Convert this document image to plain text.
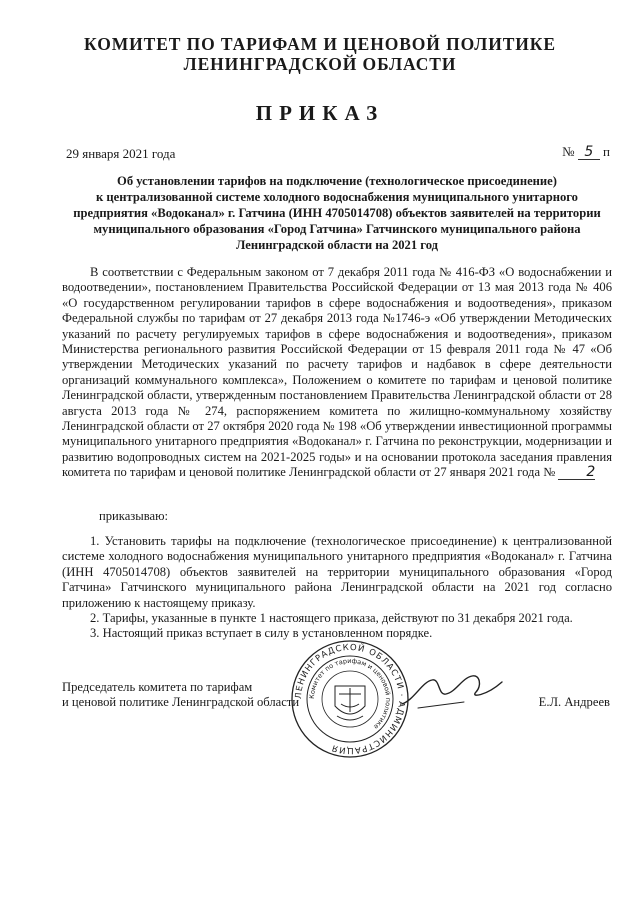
КОМИТЕТ ПО ТАРИФАМ И ЦЕНОВОЙ ПОЛИТИКЕ
ЛЕНИНГРАДСКОЙ ОБЛАСТИ
ПРИКАЗ
29 января 2021 года	№ 5 п
Об установлении тарифов на подключение (технологическое присоединение)
к централизованной системе холодного водоснабжения муниципального унитарного
предприятия «Водоканал» г. Гатчина (ИНН 4705014708) объектов заявителей на территории
муниципального образования «Город Гатчина» Гатчинского муниципального района
Ленинградской области на 2021 год

В соответствии с Федеральным законом от 7 декабря 2011 года № 416-ФЗ «О водоснабжении и водоотведении», постановлением Правительства Российской Федерации от 13 мая 2013 года № 406 «О государственном регулировании тарифов в сфере водоснабжения и водоотведения», приказом Федеральной службы по тарифам от 27 декабря 2013 года №1746-э «Об утверждении Методических указаний по расчету регулируемых тарифов в сфере водоснабжения и водоотведения», приказом Министерства регионального развития Российской Федерации от 15 февраля 2011 года № 47 «Об утверждении Методических указаний по расчету тарифов и надбавок в сфере деятельности организаций коммунального комплекса», Положением о комитете по тарифам и ценовой политике Ленинградской области, утвержденным постановлением Правительства Ленинградской области от 28 августа 2013 года № 274, распоряжением комитета по жилищно-коммунальному хозяйству Ленинградской области от 27 октября 2020 года № 198 «Об утверждении инвестиционной программы муниципального унитарного предприятия «Водоканал» г. Гатчина по реконструкции, модернизации и развитию водопроводных систем на 2021-2025 годы» и на основании протокола заседания правления комитета по тарифам и ценовой политике Ленинградской области от 27 января 2021 года № 2

приказываю:
1. Установить тарифы на подключение (технологическое присоединение) к централизованной системе холодного водоснабжения муниципального унитарного предприятия «Водоканал» г. Гатчина (ИНН 4705014708) объектов заявителей на территории муниципального образования «Город Гатчина» Гатчинского муниципального района Ленинградской области на 2021 год согласно приложению к настоящему приказу.
2. Тарифы, указанные в пункте 1 настоящего приказа, действуют по 31 декабря 2021 года.
3. Настоящий приказ вступает в силу в установленном порядке.
Председатель комитета по тарифам
и ценовой политике Ленинградской области	Е.Л. Андреев
ЛЕНИНГРАДСКОЙ ОБЛАСТИ · АДМИНИСТРАЦИЯ
Комитет по тарифам и ценовой политике
